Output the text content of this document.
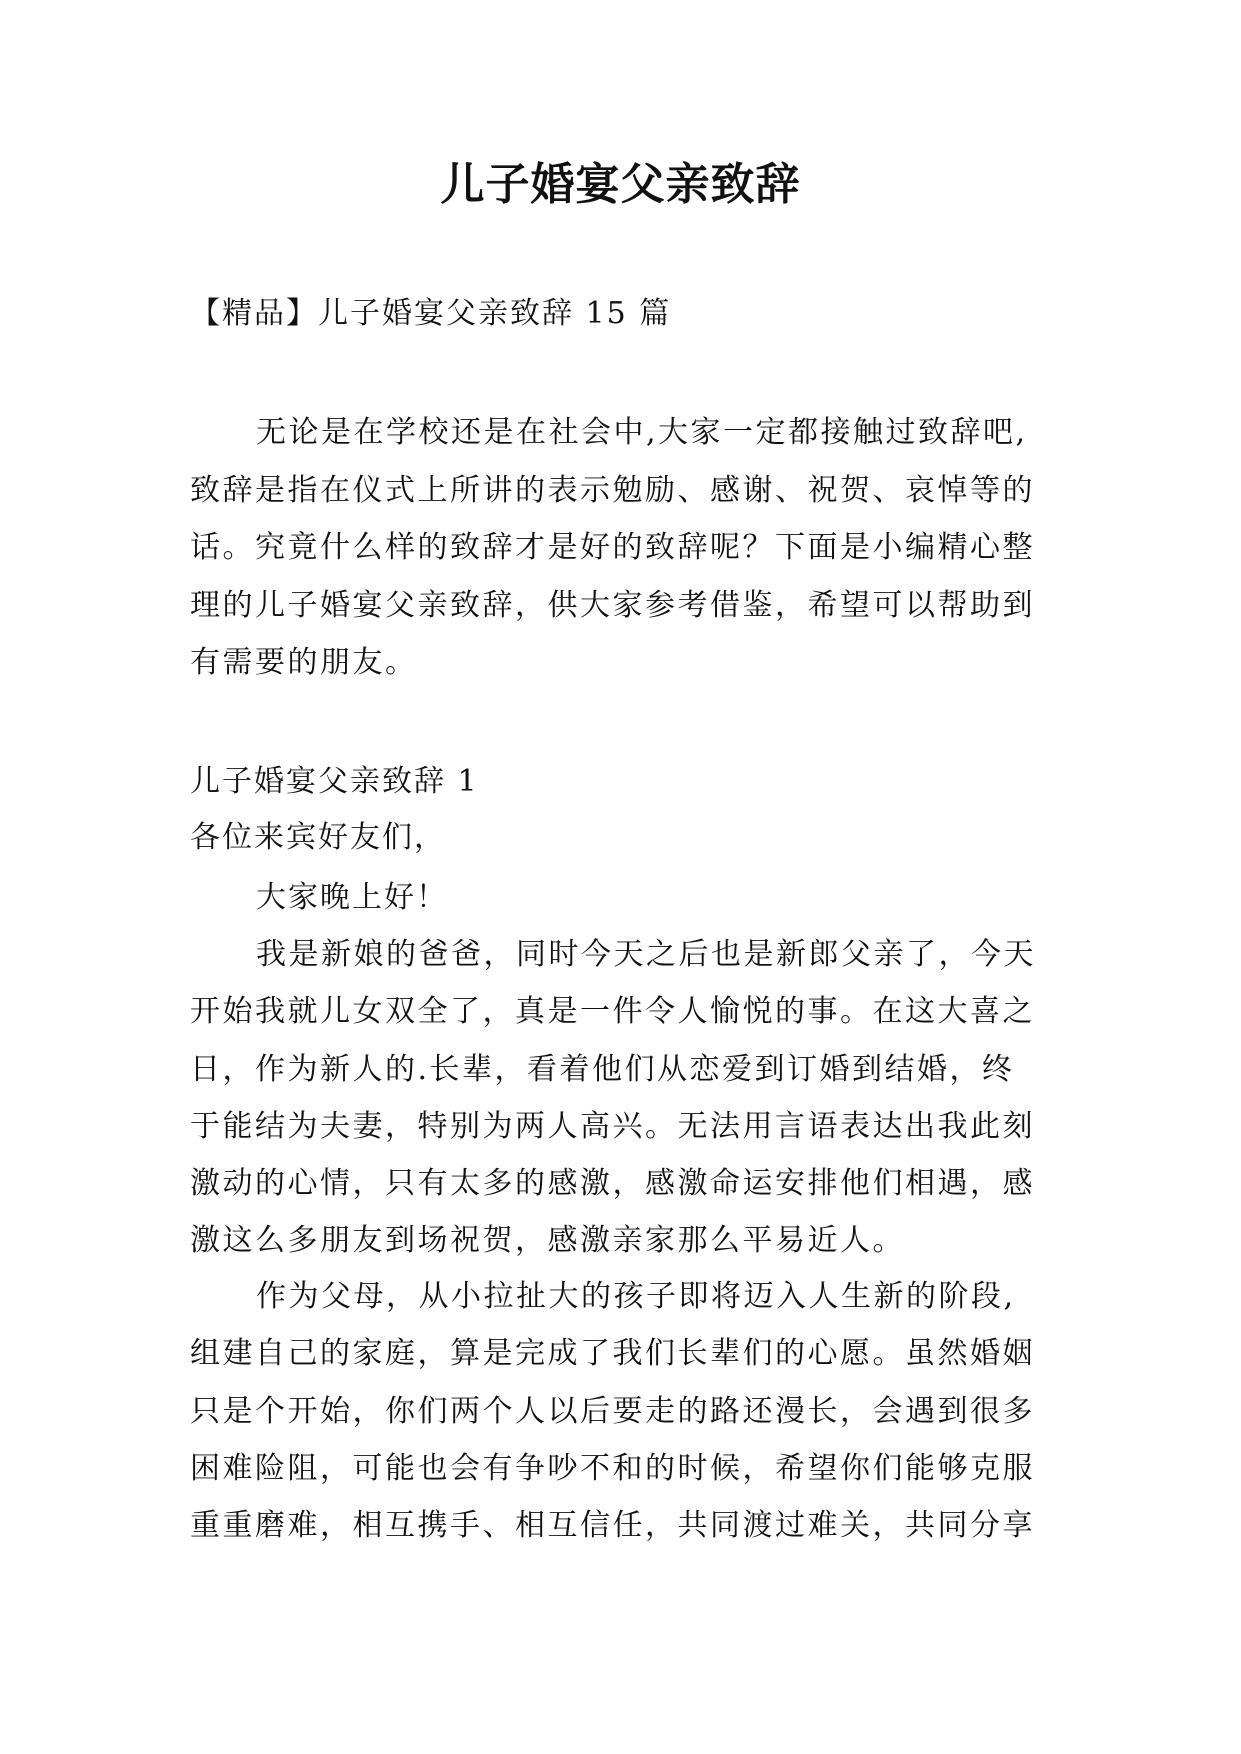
儿子婚宴父亲致辞
【精品】儿子婚宴父亲致辞 15 篇
无论是在学校还是在社会中,大家一定都接触过致辞吧,
致辞是指在仪式上所讲的表示勉励、感谢、祝贺、哀悼等的
话。究竟什么样的致辞才是好的致辞呢？下面是小编精心整
理的儿子婚宴父亲致辞，供大家参考借鉴，希望可以帮助到
有需要的朋友。
儿子婚宴父亲致辞 1
各位来宾好友们，
大家晚上好！
我是新娘的爸爸，同时今天之后也是新郎父亲了，今天
开始我就儿女双全了，真是一件令人愉悦的事。在这大喜之
日，作为新人的.长辈，看着他们从恋爱到订婚到结婚，终
于能结为夫妻，特别为两人高兴。无法用言语表达出我此刻
激动的心情，只有太多的感激，感激命运安排他们相遇，感
激这么多朋友到场祝贺，感激亲家那么平易近人。
作为父母，从小拉扯大的孩子即将迈入人生新的阶段,
组建自己的家庭，算是完成了我们长辈们的心愿。虽然婚姻
只是个开始，你们两个人以后要走的路还漫长，会遇到很多
困难险阻，可能也会有争吵不和的时候，希望你们能够克服
重重磨难，相互携手、相互信任，共同渡过难关，共同分享
